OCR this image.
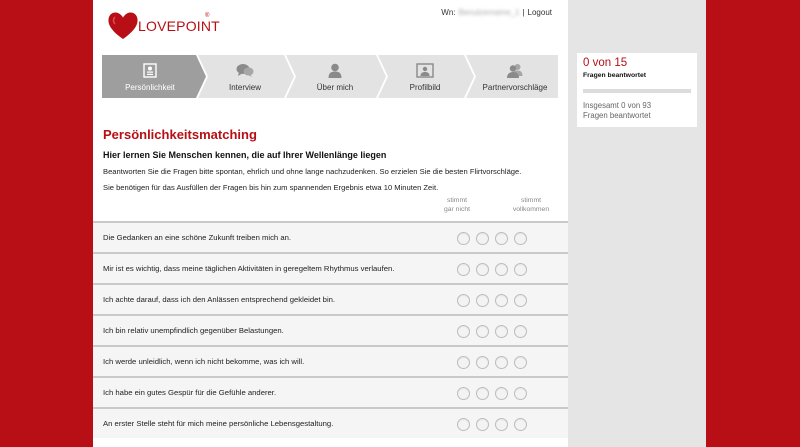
LOVEPOINT
®	Wn: Benutzername_1 | Logout
Persönlichkeit	Interview	Über mich	Profilbild	Partnervorschläge
Persönlichkeitsmatching
Hier lernen Sie Menschen kennen, die auf Ihrer Wellenlänge liegen

Beantworten Sie die Fragen bitte spontan, ehrlich und ohne lange nachzudenken. So erzielen Sie die besten Flirtvorschläge.

Sie benötigen für das Ausfüllen der Fragen bis hin zum spannenden Ergebnis etwa 10 Minuten Zeit.

stimmt
gar nicht
stimmt
vollkommen
Die Gedanken an eine schöne Zukunft treiben mich an.
Mir ist es wichtig, dass meine täglichen Aktivitäten in geregeltem Rhythmus verlaufen.
Ich achte darauf, dass ich den Anlässen entsprechend gekleidet bin.
Ich bin relativ unempfindlich gegenüber Belastungen.
Ich werde unleidlich, wenn ich nicht bekomme, was ich will.
Ich habe ein gutes Gespür für die Gefühle anderer.
An erster Stelle steht für mich meine persönliche Lebensgestaltung.
0 von 15
Fragen beantwortet
Insgesamt 0 von 93
Fragen beantwortet
